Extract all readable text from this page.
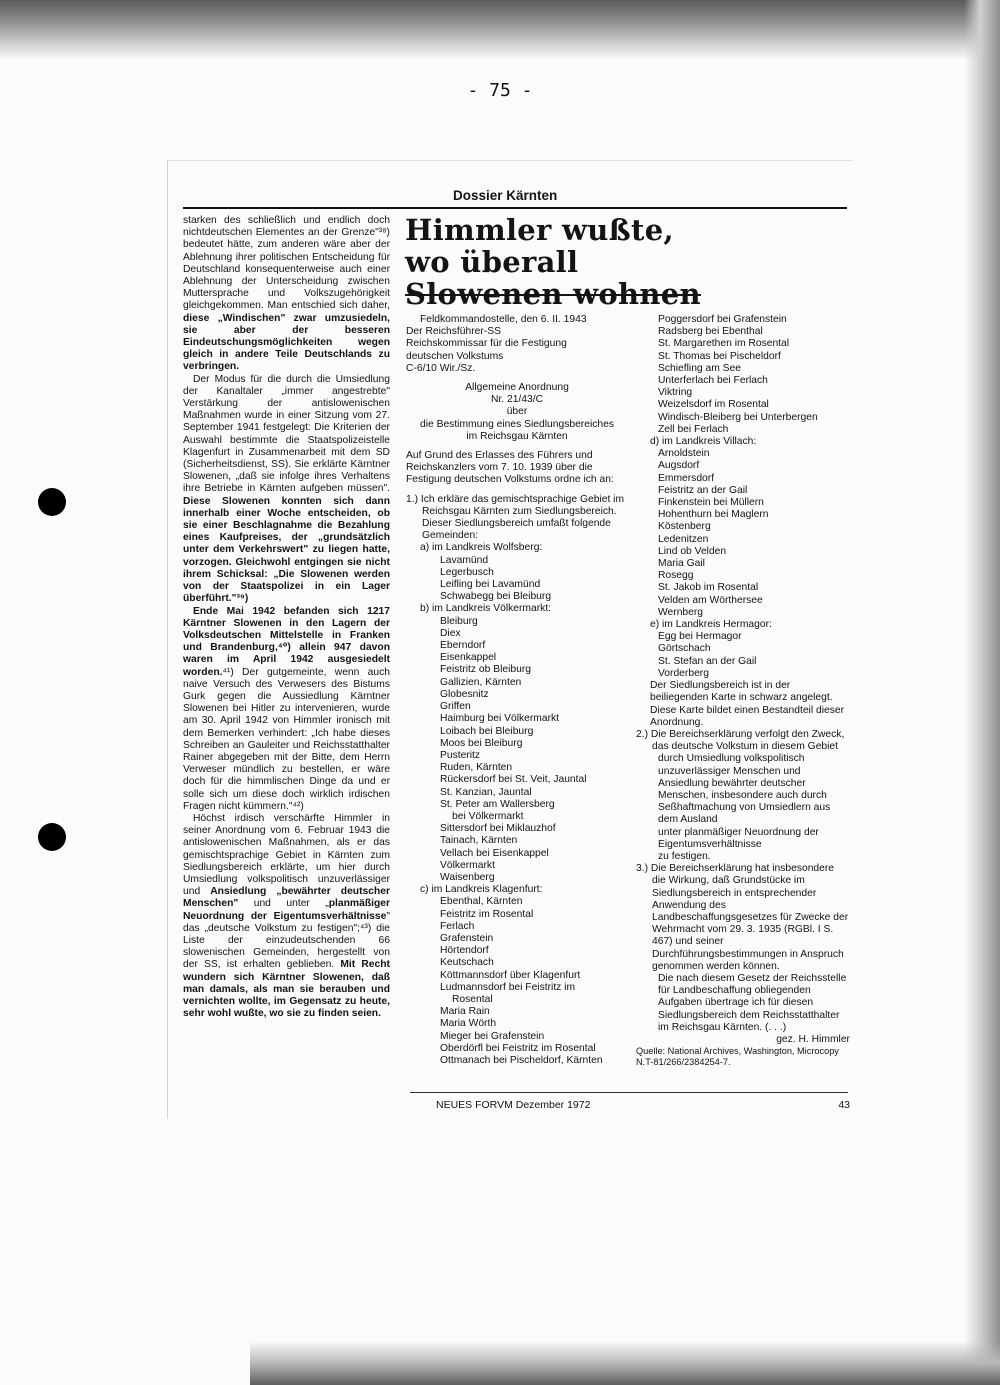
- 75 -
Dossier Kärnten

starken des schließlich und endlich doch nichtdeutschen Elementes an der Grenze"³⁸) bedeutet hätte, zum anderen wäre aber der Ablehnung ihrer politischen Entscheidung für Deutschland konsequenterweise auch einer Ablehnung der Unterscheidung zwischen Muttersprache und Volkszugehörigkeit gleichgekommen. Man entschied sich daher, diese „Windischen" zwar umzusiedeln, sie aber der besseren Eindeutschungsmöglichkeiten wegen gleich in andere Teile Deutschlands zu verbringen.

Der Modus für die durch die Umsiedlung der Kanaltaler „immer angestrebte" Verstärkung der antislowenischen Maßnahmen wurde in einer Sitzung vom 27. September 1941 festgelegt: Die Kriterien der Auswahl bestimmte die Staatspolizeistelle Klagenfurt in Zusammenarbeit mit dem SD (Sicherheitsdienst, SS). Sie erklärte Kärntner Slowenen, „daß sie infolge ihres Verhaltens ihre Betriebe in Kärnten aufgeben müssen". Diese Slowenen konnten sich dann innerhalb einer Woche entscheiden, ob sie einer Beschlagnahme die Bezahlung eines Kaufpreises, der „grundsätzlich unter dem Verkehrswert" zu liegen hatte, vorzogen. Gleichwohl entgingen sie nicht ihrem Schicksal: „Die Slowenen werden von der Staatspolizei in ein Lager überführt."³⁹)

Ende Mai 1942 befanden sich 1217 Kärntner Slowenen in den Lagern der Volksdeutschen Mittelstelle in Franken und Brandenburg,⁴⁰) allein 947 davon waren im April 1942 ausgesiedelt worden.⁴¹) Der gutgemeinte, wenn auch naive Versuch des Verwesers des Bistums Gurk gegen die Aussiedlung Kärntner Slowenen bei Hitler zu intervenieren, wurde am 30. April 1942 von Himmler ironisch mit dem Bemerken verhindert: „Ich habe dieses Schreiben an Gauleiter und Reichsstatthalter Rainer abgegeben mit der Bitte, dem Herrn Verweser mündlich zu bestellen, er wäre doch für die himmlischen Dinge da und er solle sich um diese doch wirklich irdischen Fragen nicht kümmern."⁴²)

Höchst irdisch verschärfte Himmler in seiner Anordnung vom 6. Februar 1943 die antislowenischen Maßnahmen, als er das gemischtsprachige Gebiet in Kärnten zum Siedlungsbereich erklärte, um hier durch Umsiedlung volkspolitisch unzuverlässiger und Ansiedlung „bewährter deutscher Menschen" und unter „planmäßiger Neuordnung der Eigentumsverhältnisse" das „deutsche Volkstum zu festigen";⁴³) die Liste der einzudeutschenden 66 slowenischen Gemeinden, hergestellt von der SS, ist erhalten geblieben. Mit Recht wundern sich Kärntner Slowenen, daß man damals, als man sie berauben und vernichten wollte, im Gegensatz zu heute, sehr wohl wußte, wo sie zu finden seien.

Himmler wußte,
wo überall
Slowenen wohnen
Feldkommandostelle, den 6. II. 1943
Der Reichsführer-SS
Reichskommissar für die Festigung
deutschen Volkstums
C-6/10 Wir./Sz.
Allgemeine Anordnung
Nr. 21/43/C
über
die Bestimmung eines Siedlungsbereiches
im Reichsgau Kärnten
Auf Grund des Erlasses des Führers und Reichskanzlers vom 7. 10. 1939 über die Festigung deutschen Volkstums ordne ich an:
1.) Ich erkläre das gemischtsprachige Gebiet im Reichsgau Kärnten zum Siedlungsbereich. Dieser Siedlungsbereich umfaßt folgende Gemeinden:
a) im Landkreis Wolfsberg:
Lavamünd
Legerbusch
Leifling bei Lavamünd
Schwabegg bei Bleiburg
b) im Landkreis Völkermarkt:
Bleiburg
Diex
Eberndorf
Eisenkappel
Feistritz ob Bleiburg
Gallizien, Kärnten
Globesnitz
Griffen
Haimburg bei Völkermarkt
Loibach bei Bleiburg
Moos bei Bleiburg
Pusteritz
Ruden, Kärnten
Rückersdorf bei St. Veit, Jauntal
St. Kanzian, Jauntal
St. Peter am Wallersberg
bei Völkermarkt
Sittersdorf bei Miklauzhof
Tainach, Kärnten
Vellach bei Eisenkappel
Völkermarkt
Waisenberg
c) im Landkreis Klagenfurt:
Ebenthal, Kärnten
Feistritz im Rosental
Ferlach
Grafenstein
Hörtendorf
Keutschach
Köttmannsdorf über Klagenfurt
Ludmannsdorf bei Feistritz im
Rosental
Maria Rain
Maria Wörth
Mieger bei Grafenstein
Oberdörfl bei Feistritz im Rosental
Ottmanach bei Pischeldorf, Kärnten
Poggersdorf bei Grafenstein
Radsberg bei Ebenthal
St. Margarethen im Rosental
St. Thomas bei Pischeldorf
Schiefling am See
Unterferlach bei Ferlach
Viktring
Weizelsdorf im Rosental
Windisch-Bleiberg bei Unterbergen
Zell bei Ferlach
d) im Landkreis Villach:
Arnoldstein
Augsdorf
Emmersdorf
Feistritz an der Gail
Finkenstein bei Müllern
Hohenthurn bei Maglern
Köstenberg
Ledenitzen
Lind ob Velden
Maria Gail
Rosegg
St. Jakob im Rosental
Velden am Wörthersee
Wernberg
e) im Landkreis Hermagor:
Egg bei Hermagor
Görtschach
St. Stefan an der Gail
Vorderberg
Der Siedlungsbereich ist in der beiliegenden Karte in schwarz angelegt. Diese Karte bildet einen Bestandteil dieser Anordnung.
2.) Die Bereichserklärung verfolgt den Zweck, das deutsche Volkstum in diesem Gebiet
durch Umsiedlung volkspolitisch unzuverlässiger Menschen und Ansiedlung bewährter deutscher Menschen, insbesondere auch durch Seßhaftmachung von Umsiedlern aus dem Ausland
unter planmäßiger Neuordnung der Eigentumsverhältnisse
zu festigen.
3.) Die Bereichserklärung hat insbesondere die Wirkung, daß Grundstücke im Siedlungsbereich in entsprechender Anwendung des Landbeschaffungsgesetzes für Zwecke der Wehrmacht vom 29. 3. 1935 (RGBl. I S. 467) und seiner Durchführungsbestimmungen in Anspruch genommen werden können.
Die nach diesem Gesetz der Reichsstelle für Landbeschaffung obliegenden Aufgaben übertrage ich für diesen Siedlungsbereich dem Reichsstatthalter im Reichsgau Kärnten. (. . .)
gez. H. Himmler
Quelle: National Archives, Washington, Microcopy N.T-81/266/2384254-7.
NEUES FORVM Dezember 1972	43
